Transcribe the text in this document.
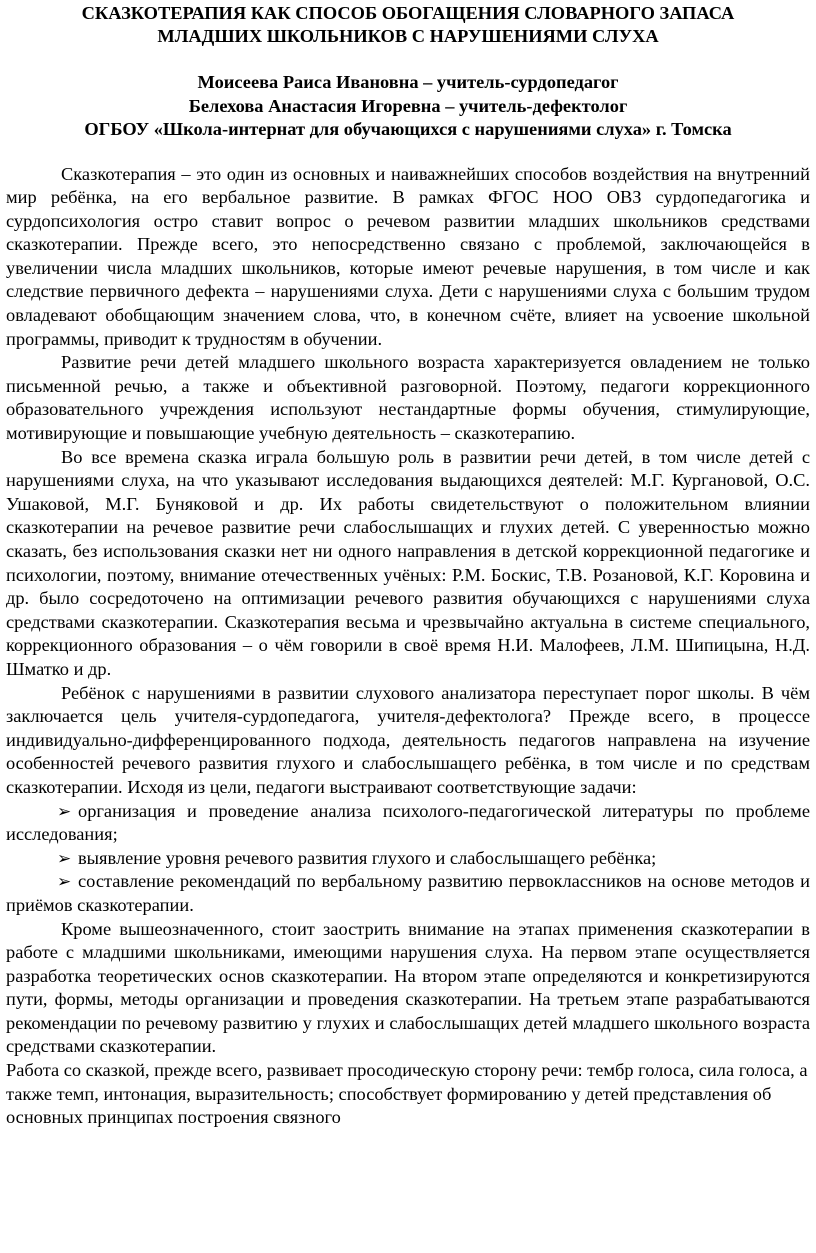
СКАЗКОТЕРАПИЯ КАК СПОСОБ ОБОГАЩЕНИЯ СЛОВАРНОГО ЗАПАСА
МЛАДШИХ ШКОЛЬНИКОВ С НАРУШЕНИЯМИ СЛУХА
Моисеева Раиса Ивановна – учитель-сурдопедагог
Белехова Анастасия Игоревна – учитель-дефектолог
ОГБОУ «Школа-интернат для обучающихся с нарушениями слуха» г. Томска

Сказкотерапия – это один из основных и наиважнейших способов воздействия на внутренний мир ребёнка, на его вербальное развитие. В рамках ФГОС НОО ОВЗ сурдопедагогика и сурдопсихология остро ставит вопрос о речевом развитии младших школьников средствами сказкотерапии. Прежде всего, это непосредственно связано с проблемой, заключающейся в увеличении числа младших школьников, которые имеют речевые нарушения, в том числе и как следствие первичного дефекта – нарушениями слуха. Дети с нарушениями слуха с большим трудом овладевают обобщающим значением слова, что, в конечном счёте, влияет на усвоение школьной программы, приводит к трудностям в обучении.

Развитие речи детей младшего школьного возраста характеризуется овладением не только письменной речью, а также и объективной разговорной. Поэтому, педагоги коррекционного образовательного учреждения используют нестандартные формы обучения, стимулирующие, мотивирующие и повышающие учебную деятельность – сказкотерапию.

Во все времена сказка играла большую роль в развитии речи детей, в том числе детей с нарушениями слуха, на что указывают исследования выдающихся деятелей: М.Г. Кургановой, О.С. Ушаковой, М.Г. Буняковой и др. Их работы свидетельствуют о положительном влиянии сказкотерапии на речевое развитие речи слабослышащих и глухих детей. С уверенностью можно сказать, без использования сказки нет ни одного направления в детской коррекционной педагогике и психологии, поэтому, внимание отечественных учёных: Р.М. Боскис, Т.В. Розановой, К.Г. Коровина и др. было сосредоточено на оптимизации речевого развития обучающихся с нарушениями слуха средствами сказкотерапии. Сказкотерапия весьма и чрезвычайно актуальна в системе специального, коррекционного образования – о чём говорили в своё время Н.И. Малофеев, Л.М. Шипицына, Н.Д. Шматко и др.

Ребёнок с нарушениями в развитии слухового анализатора переступает порог школы. В чём заключается цель учителя-сурдопедагога, учителя-дефектолога? Прежде всего, в процессе индивидуально-дифференцированного подхода, деятельность педагогов направлена на изучение особенностей речевого развития глухого и слабослышащего ребёнка, в том числе и по средствам сказкотерапии. Исходя из цели, педагоги выстраивают соответствующие задачи:

➢ организация и проведение анализа психолого-педагогической литературы по проблеме исследования;
➢ выявление уровня речевого развития глухого и слабослышащего ребёнка;
➢ составление рекомендаций по вербальному развитию первоклассников на основе методов и приёмов сказкотерапии.

Кроме вышеозначенного, стоит заострить внимание на этапах применения сказкотерапии в работе с младшими школьниками, имеющими нарушения слуха. На первом этапе осуществляется разработка теоретических основ сказкотерапии. На втором этапе определяются и конкретизируются пути, формы, методы организации и проведения сказкотерапии. На третьем этапе разрабатываются рекомендации по речевому развитию у глухих и слабослышащих детей младшего школьного возраста средствами сказкотерапии.

Работа со сказкой, прежде всего, развивает просодическую сторону речи: тембр голоса, сила голоса, а также темп, интонация, выразительность; способствует формированию у детей представления об основных принципах построения связного
